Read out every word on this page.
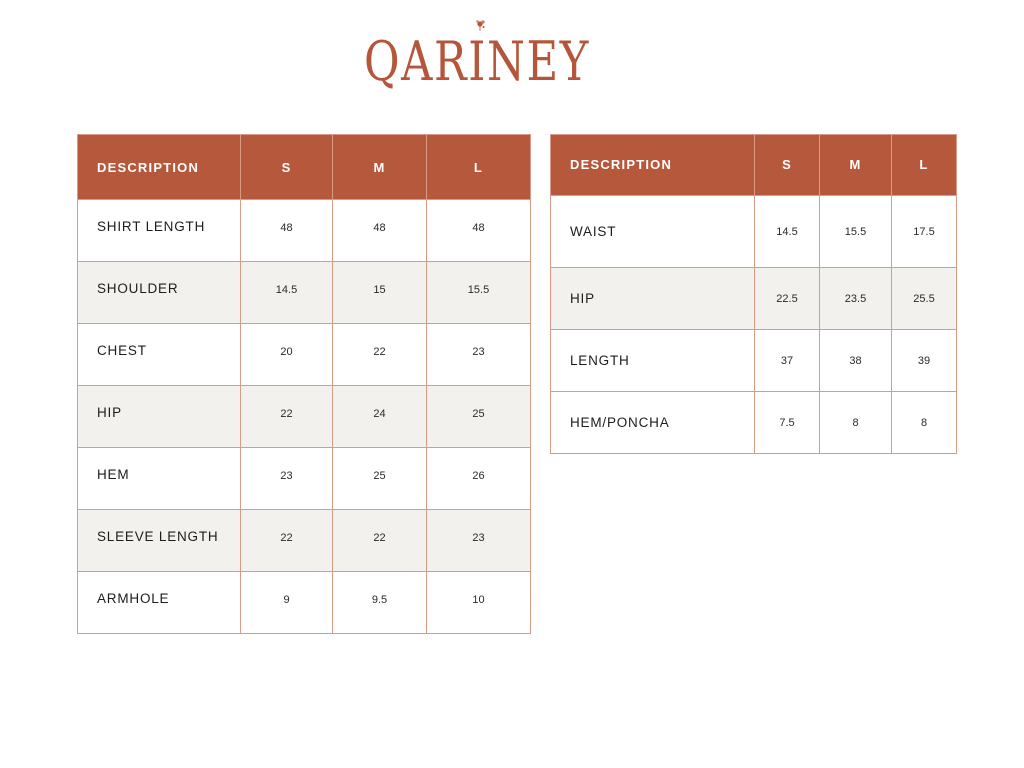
QARINEY
DESCRIPTION	S	M	L
SHIRT LENGTH	48	48	48
SHOULDER	14.5	15	15.5
CHEST	20	22	23
HIP	22	24	25
HEM	23	25	26
SLEEVE LENGTH	22	22	23
ARMHOLE	9	9.5	10
DESCRIPTION	S	M	L
WAIST	14.5	15.5	17.5
HIP	22.5	23.5	25.5
LENGTH	37	38	39
HEM/PONCHA	7.5	8	8
